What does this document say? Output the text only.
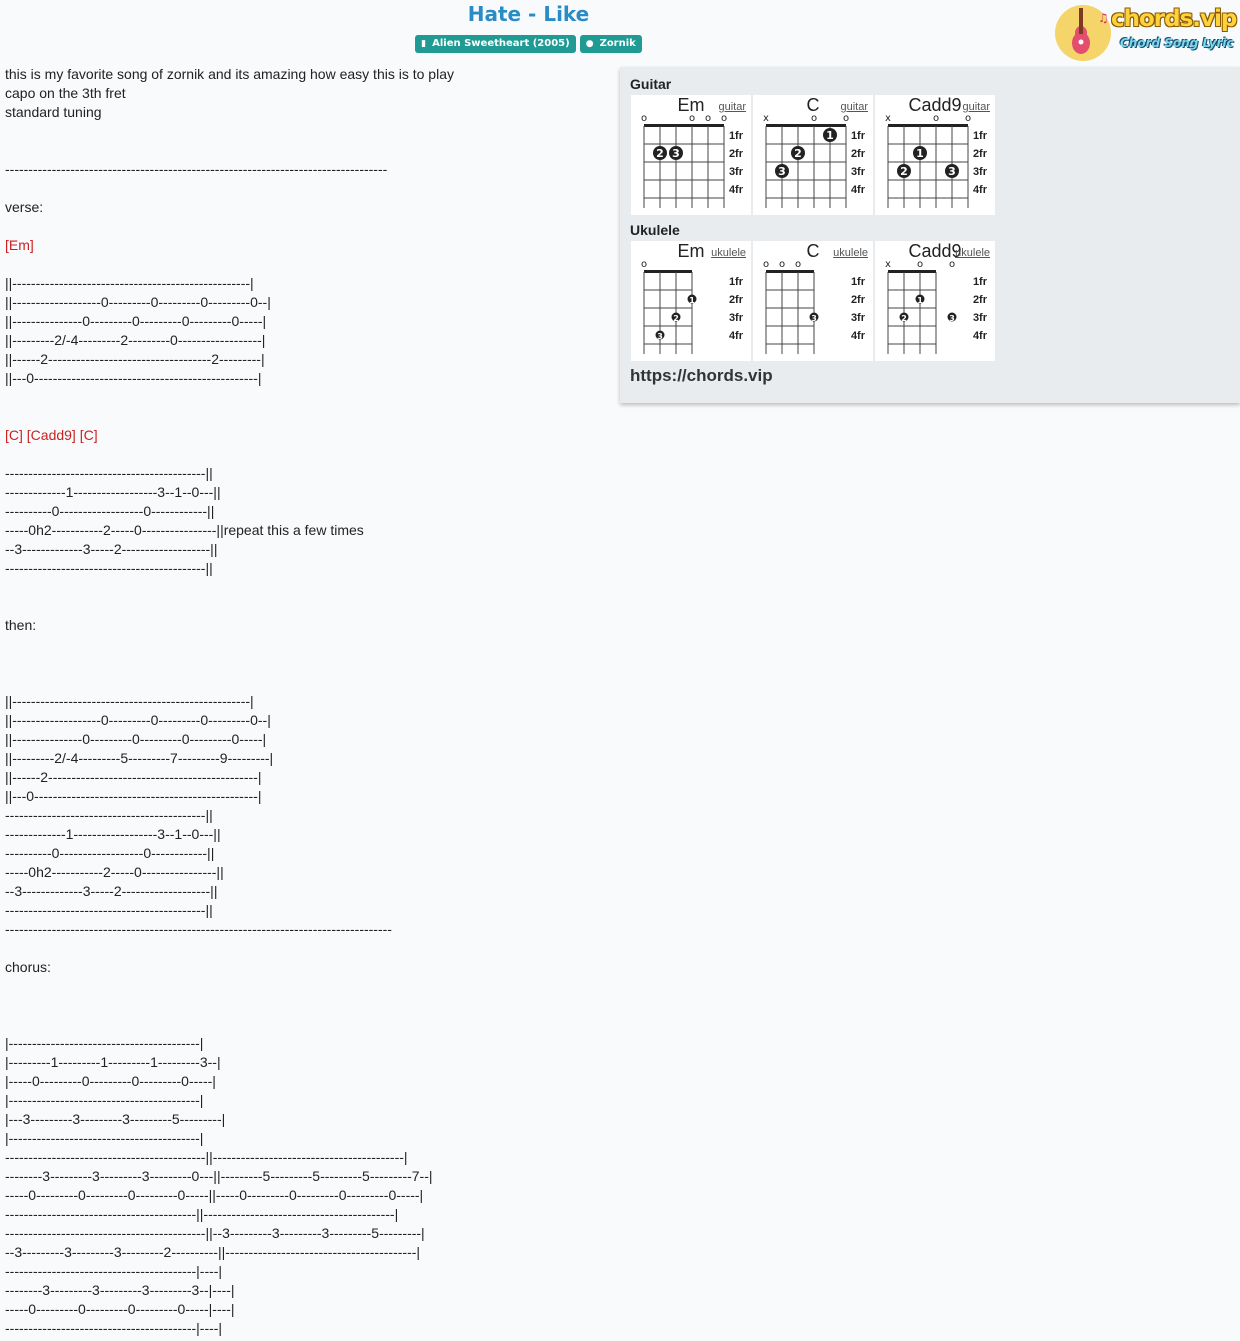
Hate - Like
▮ Alien Sweetheart (2005) ● Zornik
♫ chords.vip
Chord Song Lyric
this is my favorite song of zornik and its amazing how easy this is to play
capo on the 3th fret
standard tuning
----------------------------------------------------------------------------------
verse:
[Em]
||---------------------------------------------------|
||-------------------0---------0---------0---------0--|
||---------------0---------0---------0---------0-----|
||---------2/-4---------2---------0------------------|
||------2-----------------------------------2---------|
||---0------------------------------------------------|
[C] [Cadd9] [C]
-------------------------------------------||
-------------1------------------3--1--0---||
----------0------------------0------------||
-----0h2-----------2-----0----------------||repeat this a few times
--3-------------3-----2-------------------||
-------------------------------------------||
then:
||---------------------------------------------------|
||-------------------0---------0---------0---------0--|
||---------------0---------0---------0---------0-----|
||---------2/-4---------5---------7---------9---------|
||------2---------------------------------------------|
||---0------------------------------------------------|
-------------------------------------------||
-------------1------------------3--1--0---||
----------0------------------0------------||
-----0h2-----------2-----0----------------||
--3-------------3-----2-------------------||
-------------------------------------------||
-----------------------------------------------------------------------------------
chorus:
|-----------------------------------------|
|---------1---------1---------1---------3--|
|-----0---------0---------0---------0-----|
|-----------------------------------------|
|---3---------3---------3---------5---------|
|-----------------------------------------|
-------------------------------------------||-----------------------------------------|
--------3---------3---------3---------0---||---------5---------5---------5---------7--|
-----0---------0---------0---------0-----||-----0---------0---------0---------0-----|
-----------------------------------------||-----------------------------------------|
-------------------------------------------||--3---------3---------3---------5---------|
--3---------3---------3---------2----------||-----------------------------------------|
-----------------------------------------|----|
--------3---------3---------3---------3--|----|
-----0---------0---------0---------0-----|----|
-----------------------------------------|----|
Guitar
1fr
2fr
3fr
4fr
o	o o o
2 3
Em	guitar
1fr
2fr
3fr
4fr
x	o	o
1
2
3
C	guitar
1fr
2fr
3fr
4fr
x	o	o
1
2	3
Cadd9 guitar
Ukulele
1fr
2fr
3fr
4fr
o
1
2
3
Em ukulele
1fr
2fr
3fr
4fr
o o o
3
C	ukulele
1fr
2fr
3fr
4fr
x	o	o
1
2	3
Cadd9
ukulele
https://chords.vip
